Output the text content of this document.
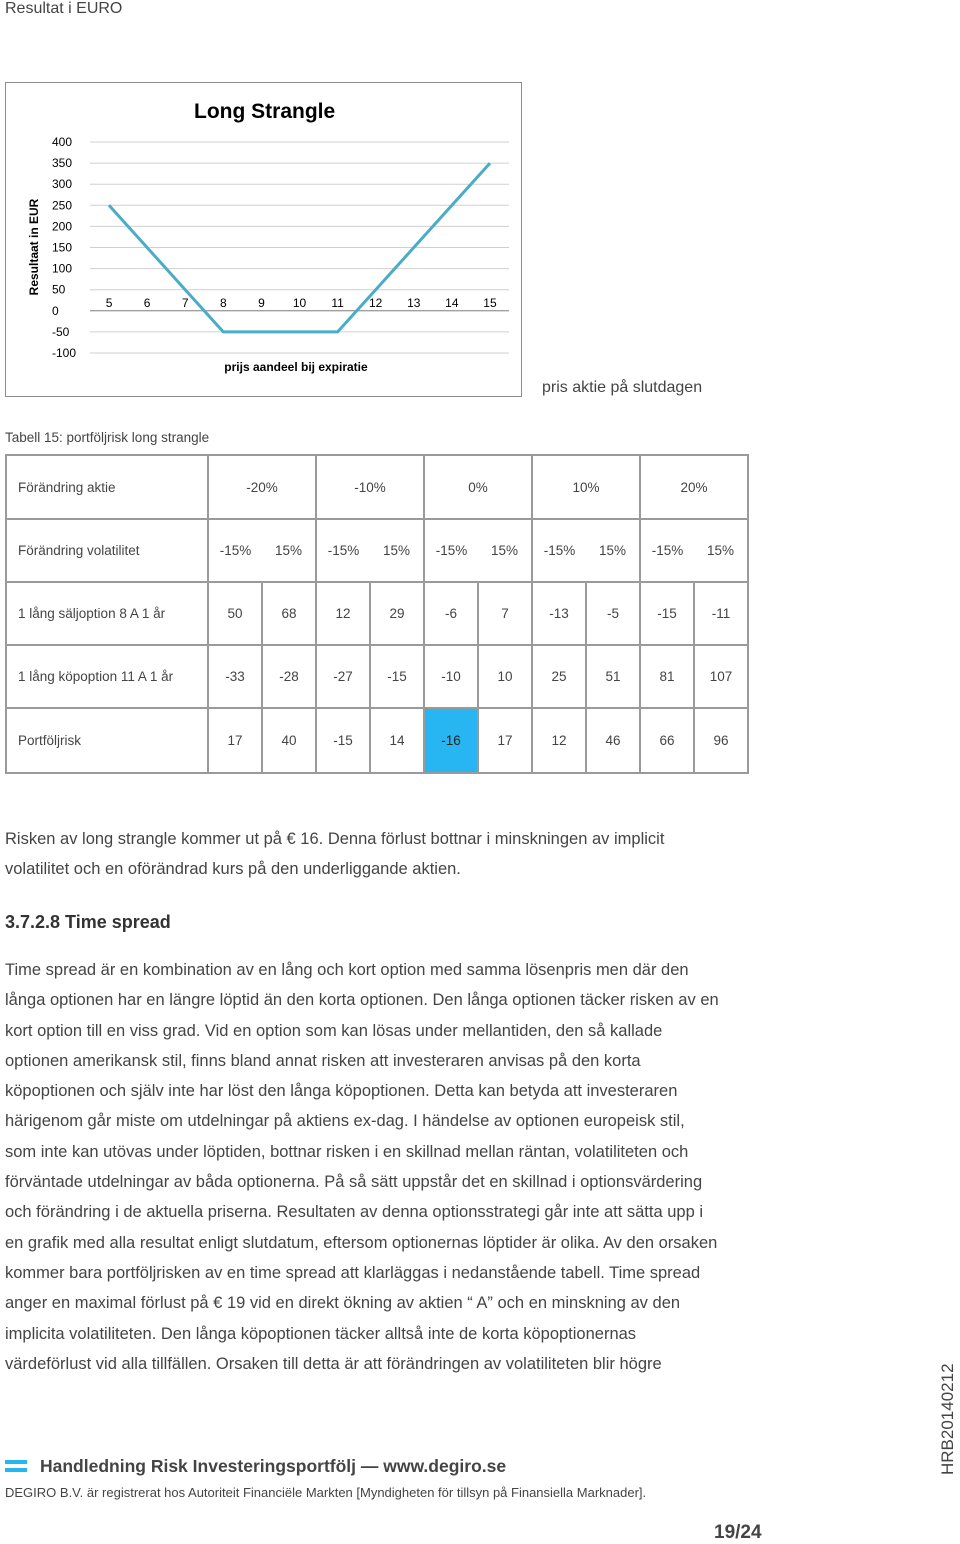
Resultat i EURO
Long Strangle
400
350
300
250
200
150
100
50
0
-50
-100
5	6	7	8	9 10 11 12 13 14 15
Resultaat in EUR
prijs aandeel bij expiratie
pris aktie på slutdagen
Tabell 15: portföljrisk long strangle
Förändring aktie	-20%		-10%		0%		10%		20%	
Förändring volatilitet	-15%	15%	-15%	15%	-15%	15%	-15%	15%	-15%	15%
1 lång säljoption 8 A 1 år	50	68	12	29	-6	7	-13	-5	-15	-11
1 lång köpoption 11 A 1 år	-33	-28	-27	-15	-10	10	25	51	81	107
Portföljrisk	17	40	-15	14	-16	17	12	46	66	96
Risken av long strangle kommer ut på € 16. Denna förlust bottnar i minskningen av implicit
volatilitet och en oförändrad kurs på den underliggande aktien.
3.7.2.8 Time spread
Time spread är en kombination av en lång och kort option med samma lösenpris men där den
långa optionen har en längre löptid än den korta optionen. Den långa optionen täcker risken av en
kort option till en viss grad. Vid en option som kan lösas under mellantiden, den så kallade
optionen amerikansk stil, finns bland annat risken att investeraren anvisas på den korta
köpoptionen och själv inte har löst den långa köpoptionen. Detta kan betyda att investeraren
härigenom går miste om utdelningar på aktiens ex-dag. I händelse av optionen europeisk stil,
som inte kan utövas under löptiden, bottnar risken i en skillnad mellan räntan, volatiliteten och
förväntade utdelningar av båda optionerna. På så sätt uppstår det en skillnad i optionsvärdering
och förändring i de aktuella priserna. Resultaten av denna optionsstrategi går inte att sätta upp i
en grafik med alla resultat enligt slutdatum, eftersom optionernas löptider är olika. Av den orsaken
kommer bara portföljrisken av en time spread att klarläggas i nedanstående tabell. Time spread
anger en maximal förlust på € 19 vid en direkt ökning av aktien “ A” och en minskning av den
implicita volatiliteten. Den långa köpoptionen täcker alltså inte de korta köpoptionernas
värdeförlust vid alla tillfällen. Orsaken till detta är att förändringen av volatiliteten blir högre	HRB20140212
Handledning Risk Investeringsportfölj — www.degiro.se
DEGIRO B.V. är registrerat hos Autoriteit Financiële Markten [Myndigheten för tillsyn på Finansiella Marknader].
19/24
